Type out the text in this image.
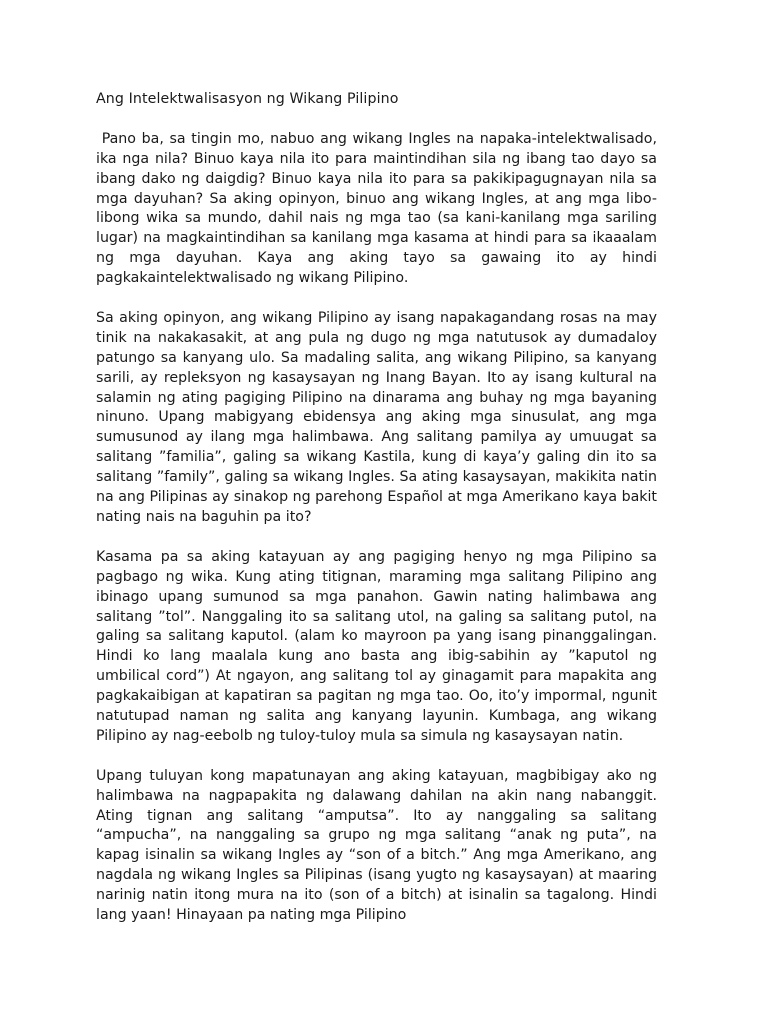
Ang Intelektwalisasyon ng Wikang Pilipino

Pano ba, sa tingin mo, nabuo ang wikang Ingles na napaka-intelektwalisado, ika nga nila? Binuo kaya nila ito para maintindihan sila ng ibang tao dayo sa ibang dako ng daigdig? Binuo kaya nila ito para sa pakikipagugnayan nila sa mga dayuhan? Sa aking opinyon, binuo ang wikang Ingles, at ang mga libo-libong wika sa mundo, dahil nais ng mga tao (sa kani-kanilang mga sariling lugar) na magkaintindihan sa kanilang mga kasama at hindi para sa ikaaalam ng mga dayuhan. Kaya ang aking tayo sa gawaing ito ay hindi pagkakaintelektwalisado ng wikang Pilipino.

Sa aking opinyon, ang wikang Pilipino ay isang napakagandang rosas na may tinik na nakakasakit, at ang pula ng dugo ng mga natutusok ay dumadaloy patungo sa kanyang ulo. Sa madaling salita, ang wikang Pilipino, sa kanyang sarili, ay repleksyon ng kasaysayan ng Inang Bayan. Ito ay isang kultural na salamin ng ating pagiging Pilipino na dinarama ang buhay ng mga bayaning ninuno. Upang mabigyang ebidensya ang aking mga sinusulat, ang mga sumusunod ay ilang mga halimbawa. Ang salitang pamilya ay umuugat sa salitang ”familia”, galing sa wikang Kastila, kung di kaya’y galing din ito sa salitang ”family”, galing sa wikang Ingles. Sa ating kasaysayan, makikita natin na ang Pilipinas ay sinakop ng parehong Español at mga Amerikano kaya bakit nating nais na baguhin pa ito?

Kasama pa sa aking katayuan ay ang pagiging henyo ng mga Pilipino sa pagbago ng wika. Kung ating titignan, maraming mga salitang Pilipino ang ibinago upang sumunod sa mga panahon. Gawin nating halimbawa ang salitang ”tol”. Nanggaling ito sa salitang utol, na galing sa salitang putol, na galing sa salitang kaputol. (alam ko mayroon pa yang isang pinanggalingan. Hindi ko lang maalala kung ano basta ang ibig-sabihin ay ”kaputol ng umbilical cord”) At ngayon, ang salitang tol ay ginagamit para mapakita ang pagkakaibigan at kapatiran sa pagitan ng mga tao. Oo, ito’y impormal, ngunit natutupad naman ng salita ang kanyang layunin. Kumbaga, ang wikang Pilipino ay nag-eebolb ng tuloy-tuloy mula sa simula ng kasaysayan natin.

Upang tuluyan kong mapatunayan ang aking katayuan, magbibigay ako ng halimbawa na nagpapakita ng dalawang dahilan na akin nang nabanggit. Ating tignan ang salitang “amputsa”. Ito ay nanggaling sa salitang “ampucha”, na nanggaling sa grupo ng mga salitang “anak ng puta”, na kapag isinalin sa wikang Ingles ay “son of a bitch.” Ang mga Amerikano, ang nagdala ng wikang Ingles sa Pilipinas (isang yugto ng kasaysayan) at maaring narinig natin itong mura na ito (son of a bitch) at isinalin sa tagalong. Hindi lang yaan! Hinayaan pa nating mga Pilipino
